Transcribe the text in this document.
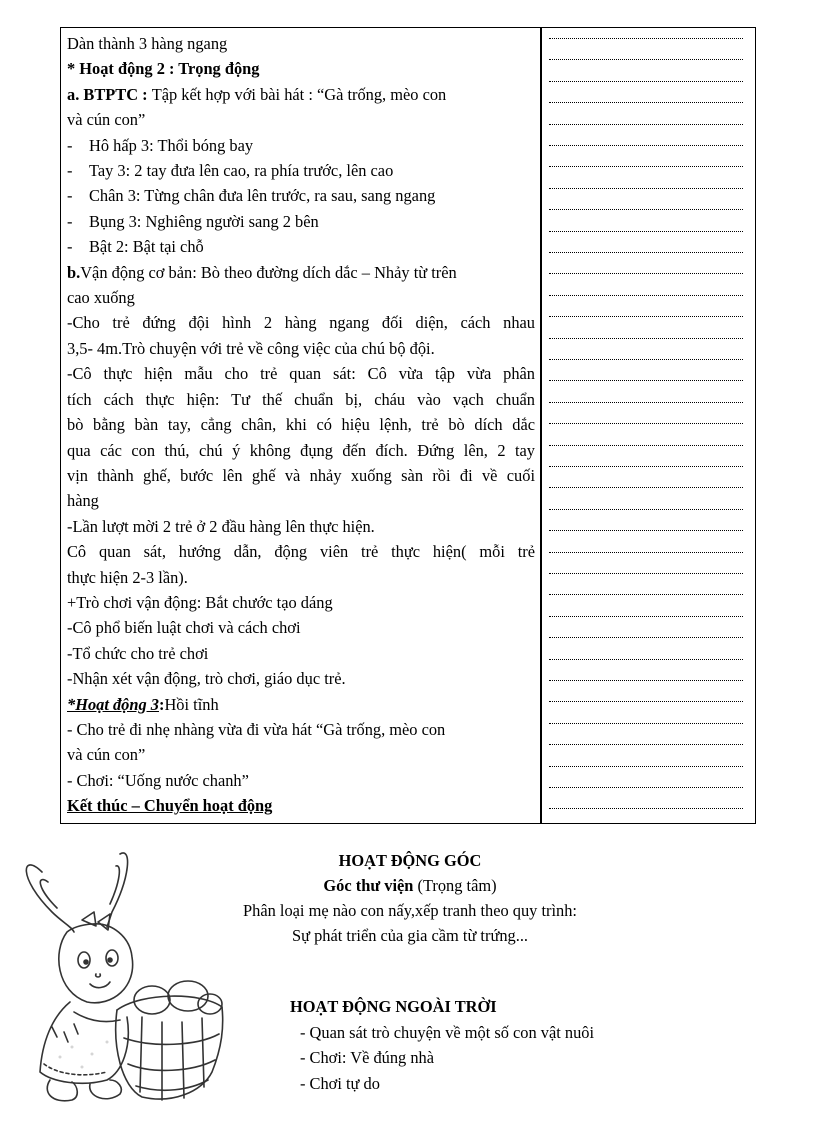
Dàn thành 3 hàng ngang
* Hoạt động 2 : Trọng động
a. BTPTC : Tập kết hợp với bài hát : “Gà trống, mèo con
và cún con”
- Hô hấp 3: Thổi bóng bay
- Tay 3: 2 tay đưa lên cao, ra phía trước, lên cao
- Chân 3: Từng chân đưa lên trước, ra sau, sang ngang
- Bụng 3: Nghiêng người sang 2 bên
- Bật 2: Bật tại chỗ
b.Vận động cơ bản: Bò theo đường dích dắc – Nhảy từ trên
cao xuống
-Cho trẻ đứng đội hình 2 hàng ngang đối diện, cách nhau
3,5- 4m.Trò chuyện với trẻ về công việc của chú bộ đội.
-Cô thực hiện mẫu cho trẻ quan sát: Cô vừa tập vừa phân
tích cách thực hiện: Tư thế chuẩn bị, cháu vào vạch chuẩn
bò bằng bàn tay, cẳng chân, khi có hiệu lệnh, trẻ bò dích dắc
qua các con thú, chú ý không đụng đến đích. Đứng lên, 2 tay
vịn thành ghế, bước lên ghế và nhảy xuống sàn rồi đi về cuối
hàng
-Lần lượt mời 2 trẻ ở 2 đầu hàng lên thực hiện.
Cô quan sát, hướng dẫn, động viên trẻ thực hiện( mỗi trẻ
thực hiện 2-3 lần).
+Trò chơi vận động: Bắt chước tạo dáng
-Cô phổ biến luật chơi và cách chơi
-Tổ chức cho trẻ chơi
-Nhận xét vận động, trò chơi, giáo dục trẻ.
*Hoạt động 3:Hồi tĩnh
- Cho trẻ đi nhẹ nhàng vừa đi vừa hát “Gà trống, mèo con
và cún con”
- Chơi: “Uống nước chanh”
Kết thúc – Chuyển hoạt động
HOẠT ĐỘNG GÓC
Góc thư viện (Trọng tâm)
Phân loại mẹ nào con nấy,xếp tranh theo quy trình:
Sự phát triển của gia cầm từ trứng...
HOẠT ĐỘNG NGOÀI TRỜI
- Quan sát trò chuyện về một số con vật nuôi
- Chơi: Về đúng nhà
- Chơi tự do
